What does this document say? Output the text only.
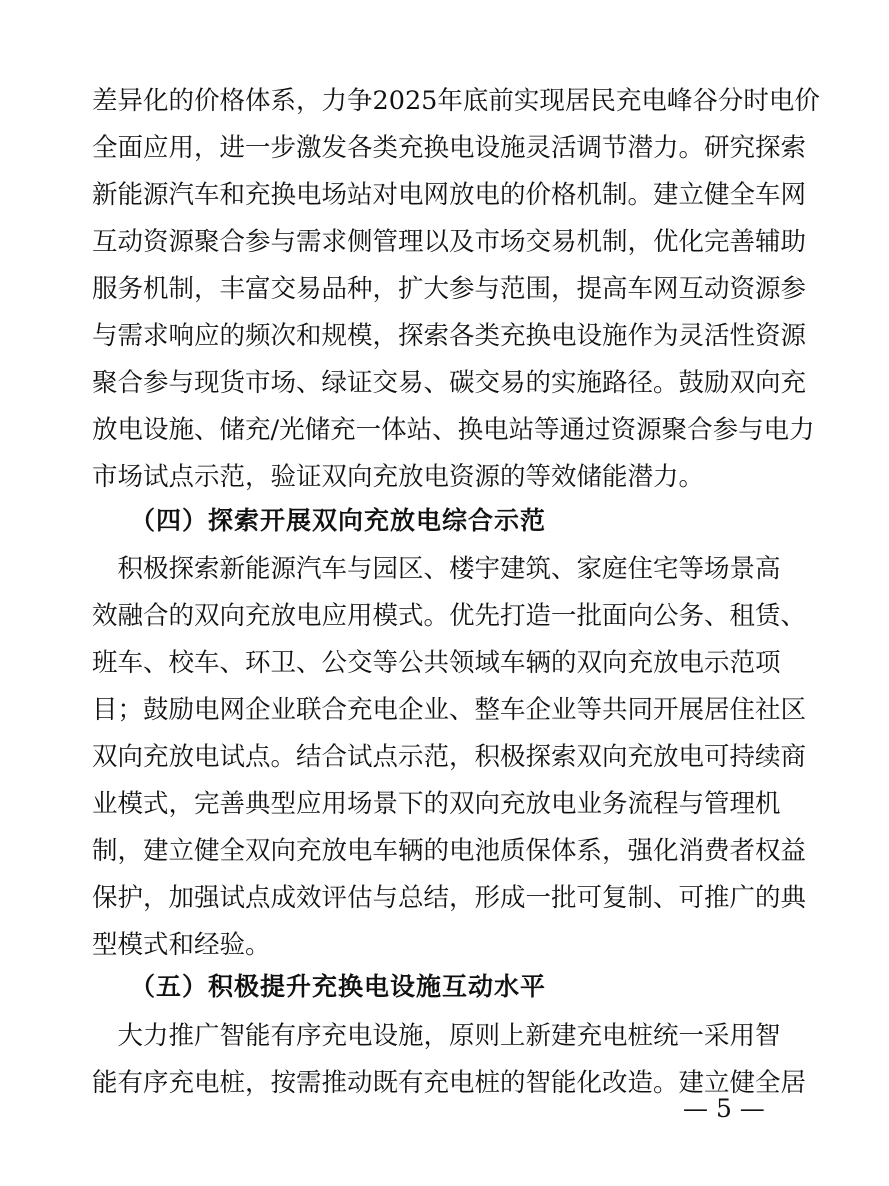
差异化的价格体系，力争2025年底前实现居民充电峰谷分时电价
全面应用，进一步激发各类充换电设施灵活调节潜力。研究探索
新能源汽车和充换电场站对电网放电的价格机制。建立健全车网
互动资源聚合参与需求侧管理以及市场交易机制，优化完善辅助
服务机制，丰富交易品种，扩大参与范围，提高车网互动资源参
与需求响应的频次和规模，探索各类充换电设施作为灵活性资源
聚合参与现货市场、绿证交易、碳交易的实施路径。鼓励双向充
放电设施、储充/光储充一体站、换电站等通过资源聚合参与电力
市场试点示范，验证双向充放电资源的等效储能潜力。
（四）探索开展双向充放电综合示范
　积极探索新能源汽车与园区、楼宇建筑、家庭住宅等场景高
效融合的双向充放电应用模式。优先打造一批面向公务、租赁、
班车、校车、环卫、公交等公共领域车辆的双向充放电示范项
目；鼓励电网企业联合充电企业、整车企业等共同开展居住社区
双向充放电试点。结合试点示范，积极探索双向充放电可持续商
业模式，完善典型应用场景下的双向充放电业务流程与管理机
制，建立健全双向充放电车辆的电池质保体系，强化消费者权益
保护，加强试点成效评估与总结，形成一批可复制、可推广的典
型模式和经验。
（五）积极提升充换电设施互动水平
　大力推广智能有序充电设施，原则上新建充电桩统一采用智
能有序充电桩，按需推动既有充电桩的智能化改造。建立健全居
— 5 —
